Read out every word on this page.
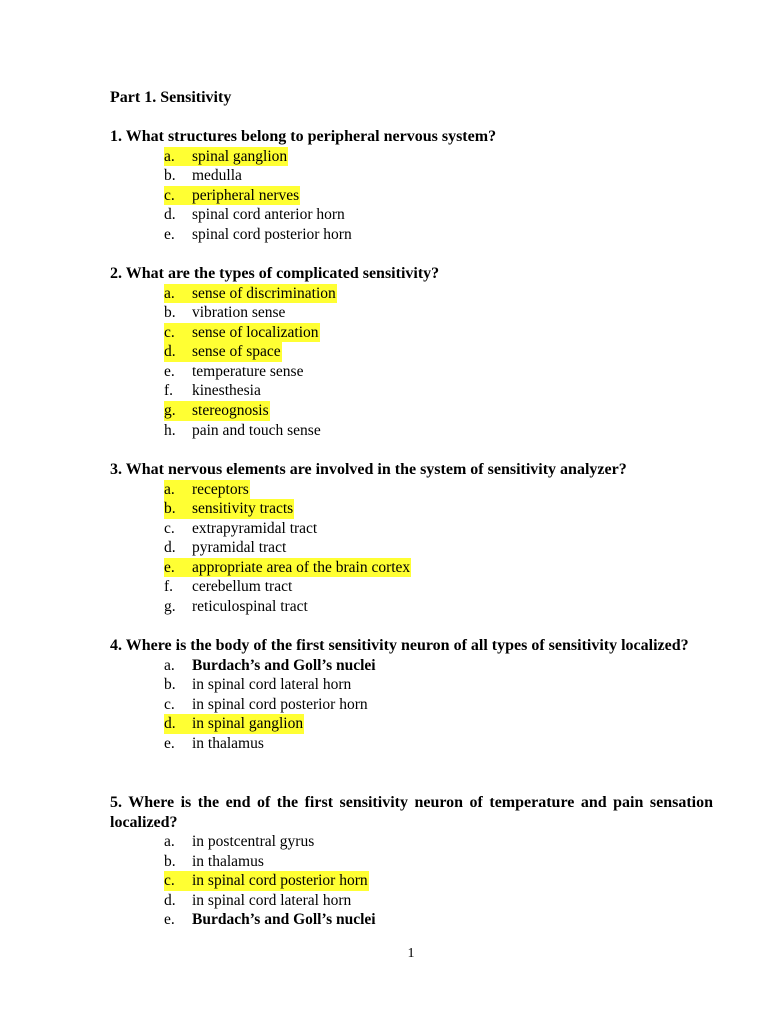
Part 1. Sensitivity

1. What structures belong to peripheral nervous system?

a. spinal ganglion
b. medulla
c. peripheral nerves
d. spinal cord anterior horn
e. spinal cord posterior horn

2. What are the types of complicated sensitivity?

a. sense of discrimination
b. vibration sense
c. sense of localization
d. sense of space
e. temperature sense
f. kinesthesia
g. stereognosis
h. pain and touch sense

3. What nervous elements are involved in the system of sensitivity analyzer?

a. receptors
b. sensitivity tracts
c. extrapyramidal tract
d. pyramidal tract
e. appropriate area of the brain cortex
f. cerebellum tract
g. reticulospinal tract

4. Where is the body of the first sensitivity neuron of all types of sensitivity localized?

a. Burdach’s and Goll’s nuclei
b. in spinal cord lateral horn
c. in spinal cord posterior horn
d. in spinal ganglion
e. in thalamus

5. Where is the end of the first sensitivity neuron of temperature and pain sensation localized?

a. in postcentral gyrus
b. in thalamus
c. in spinal cord posterior horn
d. in spinal cord lateral horn
e. Burdach’s and Goll’s nuclei
1
